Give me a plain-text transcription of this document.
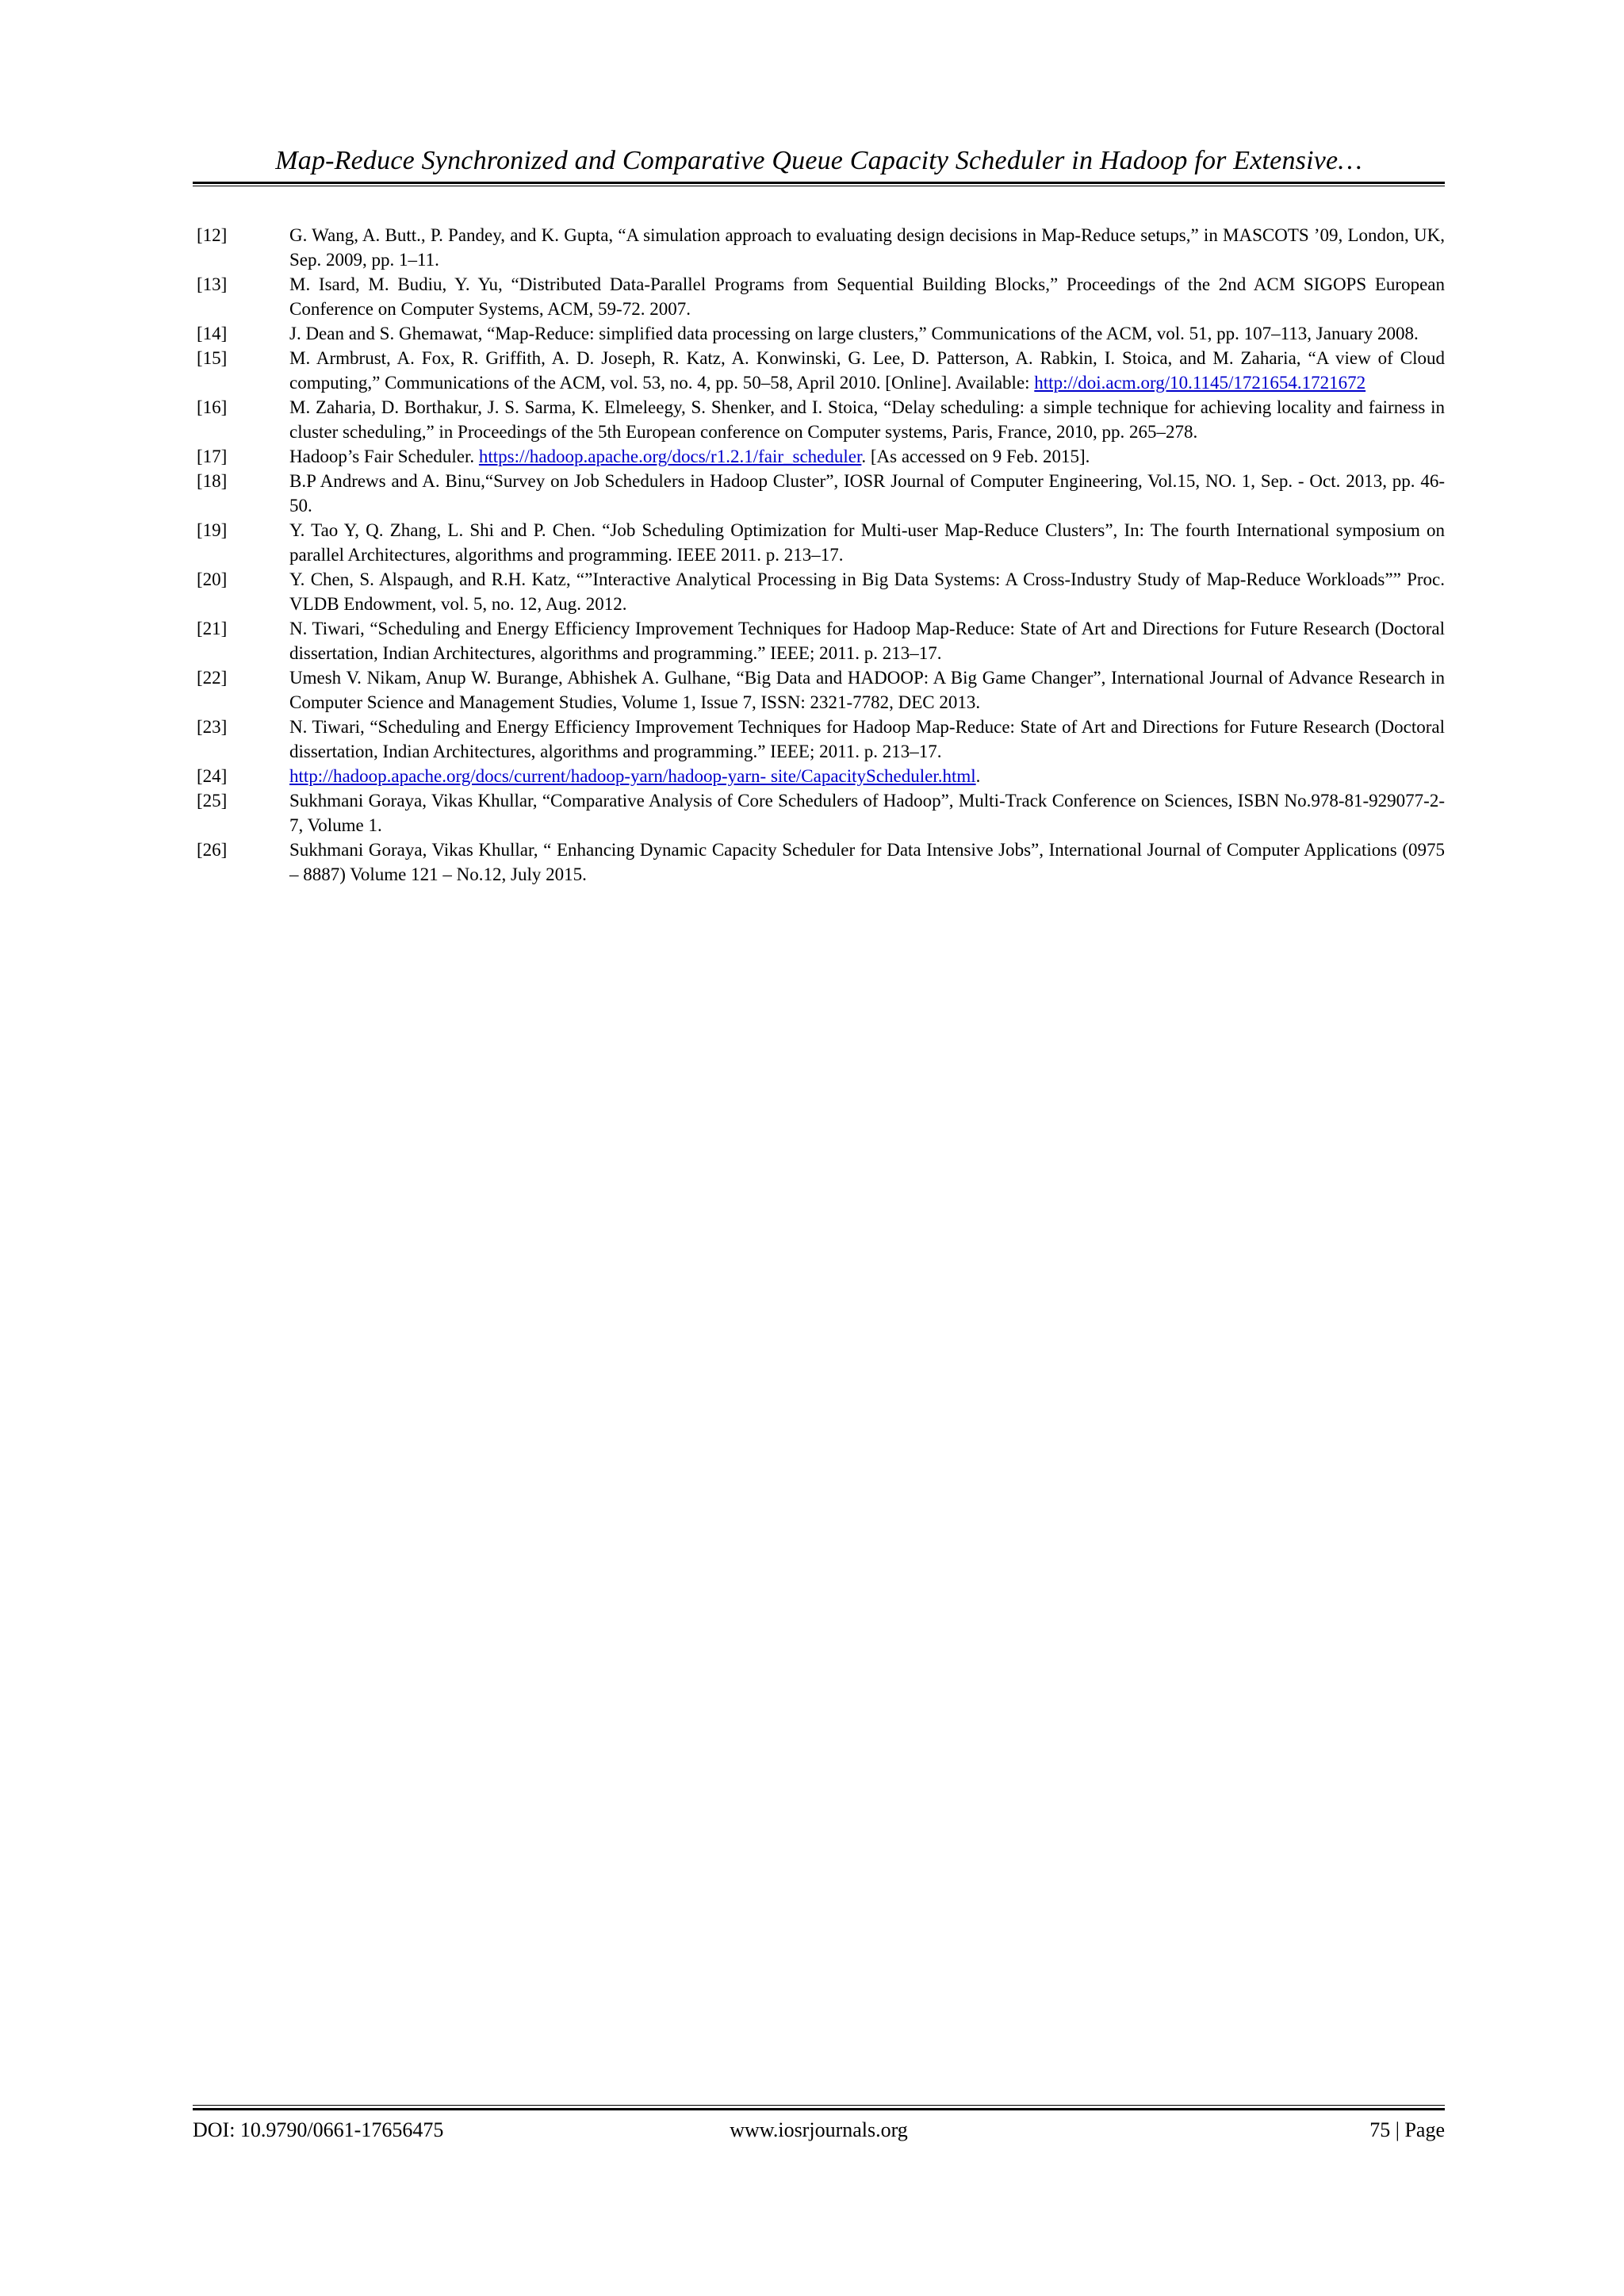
Map-Reduce Synchronized and Comparative Queue Capacity Scheduler in Hadoop for Extensive…
[12]	G. Wang, A. Butt., P. Pandey, and K. Gupta, “A simulation approach to evaluating design decisions in Map-Reduce setups,” in MASCOTS ’09, London, UK, Sep. 2009, pp. 1–11.
[13]	M. Isard, M. Budiu, Y. Yu, “Distributed Data-Parallel Programs from Sequential Building Blocks,” Proceedings of the 2nd ACM SIGOPS European Conference on Computer Systems, ACM, 59-72. 2007.
[14]	J. Dean and S. Ghemawat, “Map-Reduce: simplified data processing on large clusters,” Communications of the ACM, vol. 51, pp. 107–113, January 2008.
[15]	M. Armbrust, A. Fox, R. Griffith, A. D. Joseph, R. Katz, A. Konwinski, G. Lee, D. Patterson, A. Rabkin, I. Stoica, and M. Zaharia, “A view of Cloud computing,” Communications of the ACM, vol. 53, no. 4, pp. 50–58, April 2010. [Online]. Available: http://doi.acm.org/10.1145/1721654.1721672
[16]	M. Zaharia, D. Borthakur, J. S. Sarma, K. Elmeleegy, S. Shenker, and I. Stoica, “Delay scheduling: a simple technique for achieving locality and fairness in cluster scheduling,” in Proceedings of the 5th European conference on Computer systems, Paris, France, 2010, pp. 265–278.
[17]	Hadoop’s Fair Scheduler. https://hadoop.apache.org/docs/r1.2.1/fair_scheduler. [As accessed on 9 Feb. 2015].
[18]	B.P Andrews and A. Binu,“Survey on Job Schedulers in Hadoop Cluster”, IOSR Journal of Computer Engineering, Vol.15, NO. 1, Sep. - Oct. 2013, pp. 46-50.
[19]	Y. Tao Y, Q. Zhang, L. Shi and P. Chen. “Job Scheduling Optimization for Multi-user Map-Reduce Clusters”, In: The fourth International symposium on parallel Architectures, algorithms and programming. IEEE 2011. p. 213–17.
[20]	Y. Chen, S. Alspaugh, and R.H. Katz, “”Interactive Analytical Processing in Big Data Systems: A Cross-Industry Study of Map-Reduce Workloads”” Proc. VLDB Endowment, vol. 5, no. 12, Aug. 2012.
[21]	N. Tiwari, “Scheduling and Energy Efficiency Improvement Techniques for Hadoop Map-Reduce: State of Art and Directions for Future Research (Doctoral dissertation, Indian Architectures, algorithms and programming.” IEEE; 2011. p. 213–17.
[22]	Umesh V. Nikam, Anup W. Burange, Abhishek A. Gulhane, “Big Data and HADOOP: A Big Game Changer”, International Journal of Advance Research in Computer Science and Management Studies, Volume 1, Issue 7, ISSN: 2321-7782, DEC 2013.
[23]	N. Tiwari, “Scheduling and Energy Efficiency Improvement Techniques for Hadoop Map-Reduce: State of Art and Directions for Future Research (Doctoral dissertation, Indian Architectures, algorithms and programming.” IEEE; 2011. p. 213–17.
[24]	http://hadoop.apache.org/docs/current/hadoop-yarn/hadoop-yarn- site/CapacityScheduler.html.
[25]	Sukhmani Goraya, Vikas Khullar, “Comparative Analysis of Core Schedulers of Hadoop”, Multi-Track Conference on Sciences, ISBN No.978-81-929077-2-7, Volume 1.
[26]	Sukhmani Goraya, Vikas Khullar, “ Enhancing Dynamic Capacity Scheduler for Data Intensive Jobs”, International Journal of Computer Applications (0975 – 8887) Volume 121 – No.12, July 2015.
DOI: 10.9790/0661-17656475	www.iosrjournals.org	75 | Page
